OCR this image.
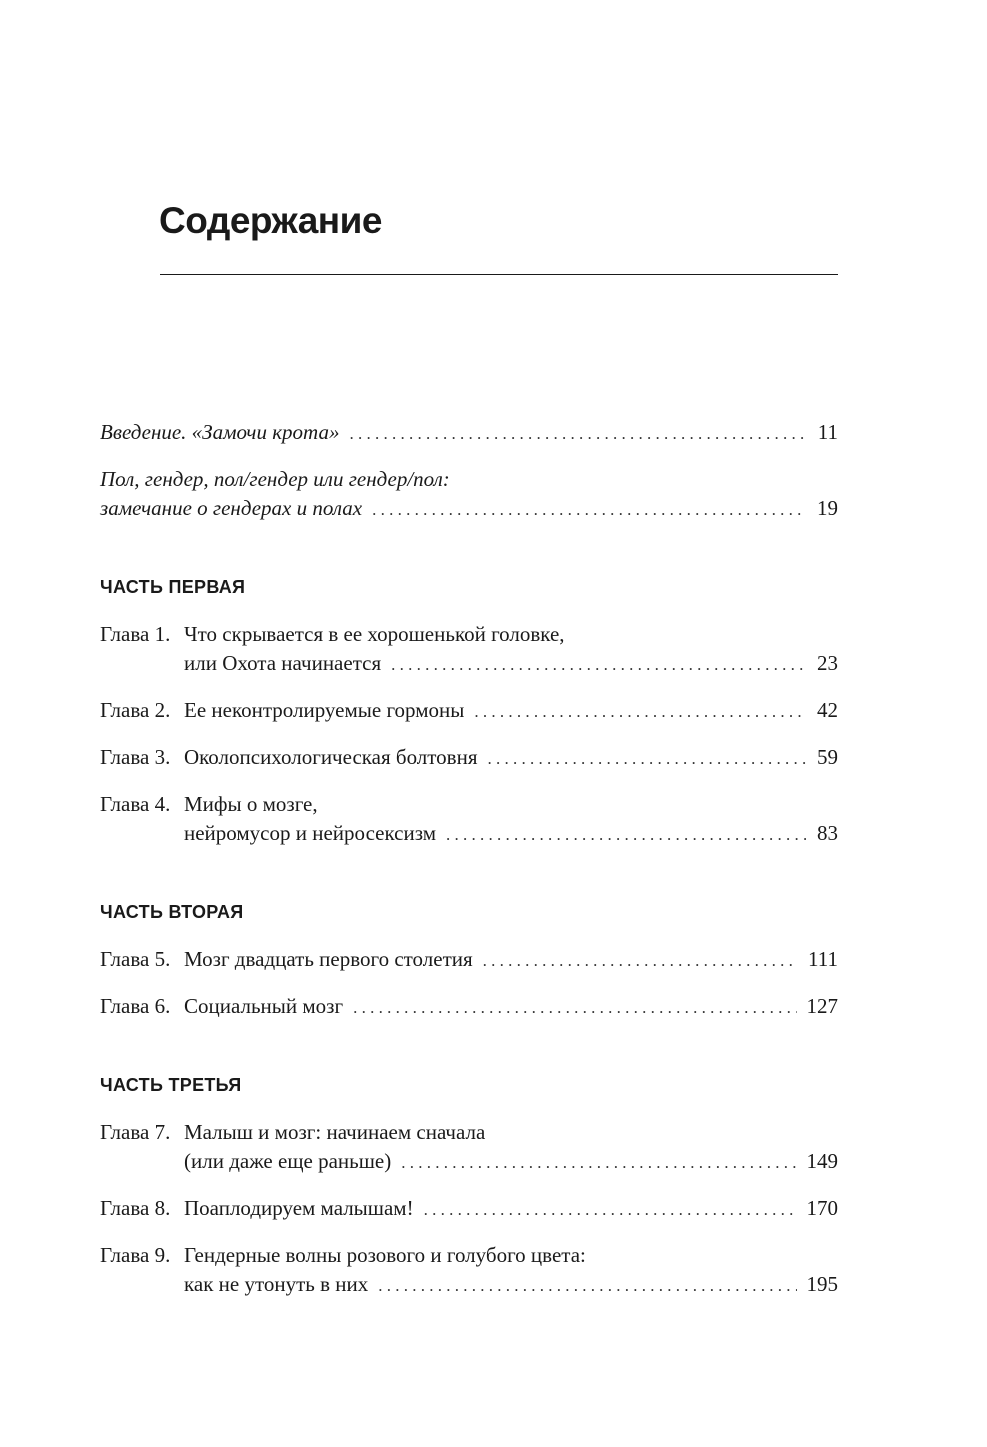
Содержание
Введение. «Замочи крота» . . .	11
Пол, гендер, пол/гендер или гендер/пол:
замечание о гендерах и полах . . .	19
ЧАСТЬ ПЕРВАЯ
Глава 1. Что скрывается в ее хорошенькой головке,
или Охота начинается . . .	23
Глава 2. Ее неконтролируемые гормоны . . .	42
Глава 3. Околопсихологическая болтовня . . .	59
Глава 4. Мифы о мозге,
нейромусор и нейросексизм . . .	83
ЧАСТЬ ВТОРАЯ
Глава 5. Мозг двадцать первого столетия . . .	111
Глава 6. Социальный мозг . . .	127
ЧАСТЬ ТРЕТЬЯ
Глава 7. Малыш и мозг: начинаем сначала
(или даже еще раньше) . . .	149
Глава 8. Поаплодируем малышам! . . .	170
Глава 9. Гендерные волны розового и голубого цвета:
как не утонуть в них . . .	195
